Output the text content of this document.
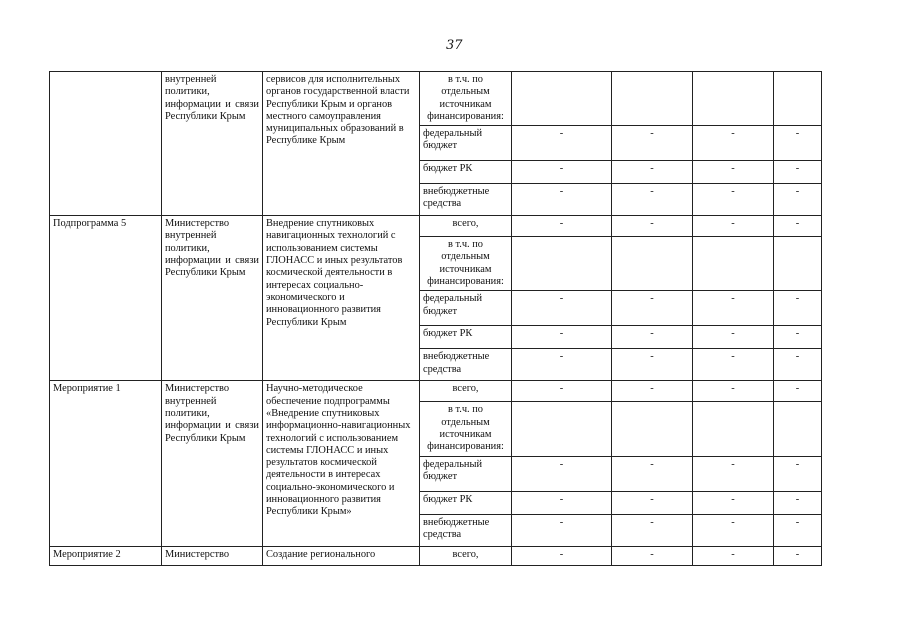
37
	внутренней политики, информации и связи Республики Крым	сервисов для исполнительных органов государственной власти Республики Крым и органов местного самоуправления муниципальных образований в Республике Крым	в т.ч. по отдельным источникам финансирования:				
			федеральный бюджет	-	-	-	-
			бюджет РК	-	-	-	-
			внебюджетные средства	-	-	-	-
Подпрограмма 5	Министерство внутренней политики, информации и связи Республики Крым	Внедрение спутниковых навигационных технологий с использованием системы ГЛОНАСС и иных результатов космической деятельности в интересах социально-экономического и инновационного развития Республики Крым	всего,	-	-	-	-
			в т.ч. по отдельным источникам финансирования:				
			федеральный бюджет	-	-	-	-
			бюджет РК	-	-	-	-
			внебюджетные средства	-	-	-	-
Мероприятие 1	Министерство внутренней политики, информации и связи Республики Крым	Научно-методическое обеспечение подпрограммы «Внедрение спутниковых информационно-навигационных технологий с использованием системы ГЛОНАСС и иных результатов космической деятельности в интересах социально-экономического и инновационного развития Республики Крым»	всего,	-	-	-	-
			в т.ч. по отдельным источникам финансирования:				
			федеральный бюджет	-	-	-	-
			бюджет РК	-	-	-	-
			внебюджетные средства	-	-	-	-
Мероприятие 2	Министерство	Создание регионального	всего,	-	-	-	-
